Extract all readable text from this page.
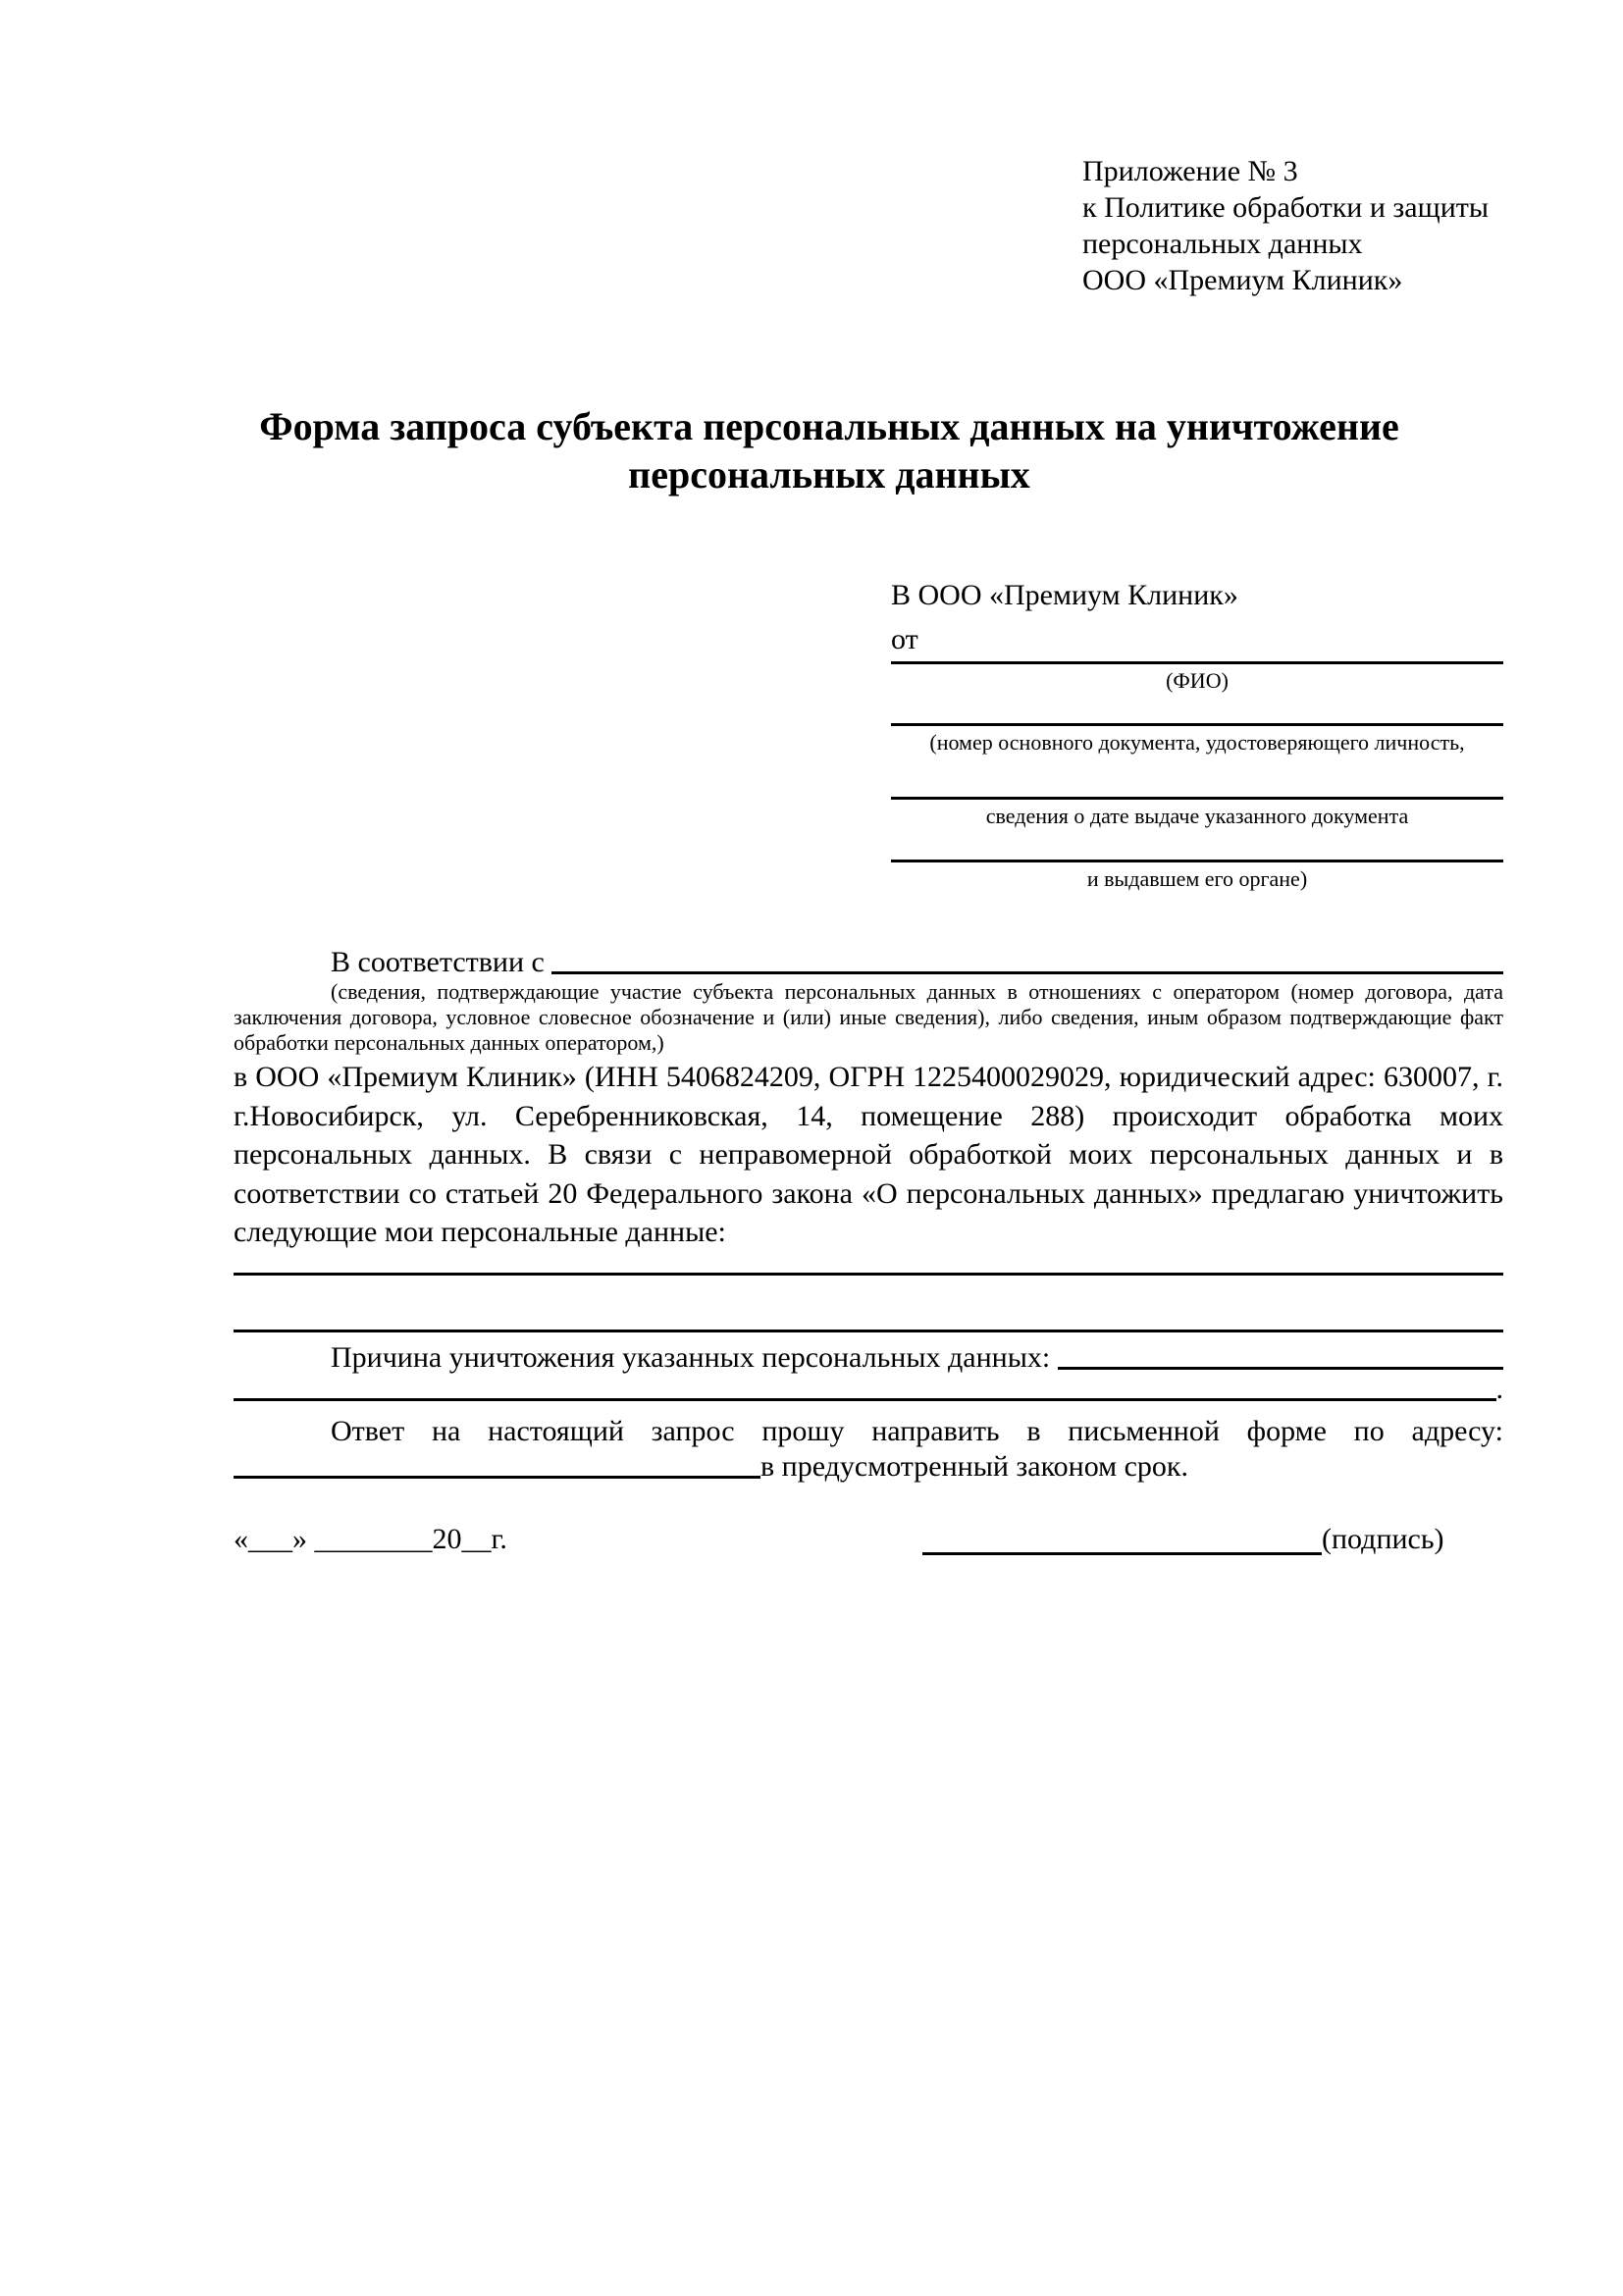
Приложение № 3
к Политике обработки и защиты
персональных данных
ООО «Премиум Клиник»
Форма запроса субъекта персональных данных на уничтожение
персональных данных
В ООО «Премиум Клиник»
от
(ФИО)
(номер основного документа, удостоверяющего личность,
сведения о дате выдаче указанного документа
и выдавшем его органе)
В соответствии с

(сведения, подтверждающие участие субъекта персональных данных в отношениях с оператором (номер договора, дата заключения договора, условное словесное обозначение и (или) иные сведения), либо сведения, иным образом подтверждающие факт обработки персональных данных оператором,)
в ООО «Премиум Клиник» (ИНН 5406824209, ОГРН 1225400029029, юридический адрес: 630007, г. г.Новосибирск, ул. Серебренниковская, 14, помещение 288) происходит обработка моих персональных данных. В связи с неправомерной обработкой моих персональных данных и в соответствии со статьей 20 Федерального закона «О персональных данных» предлагаю уничтожить следующие мои персональные данные:
Причина уничтожения указанных персональных данных:

.
Ответ на настоящий запрос прошу направить в письменной форме по адресу:
в предусмотренный законом срок.
«___» ________20__г.	(подпись)
